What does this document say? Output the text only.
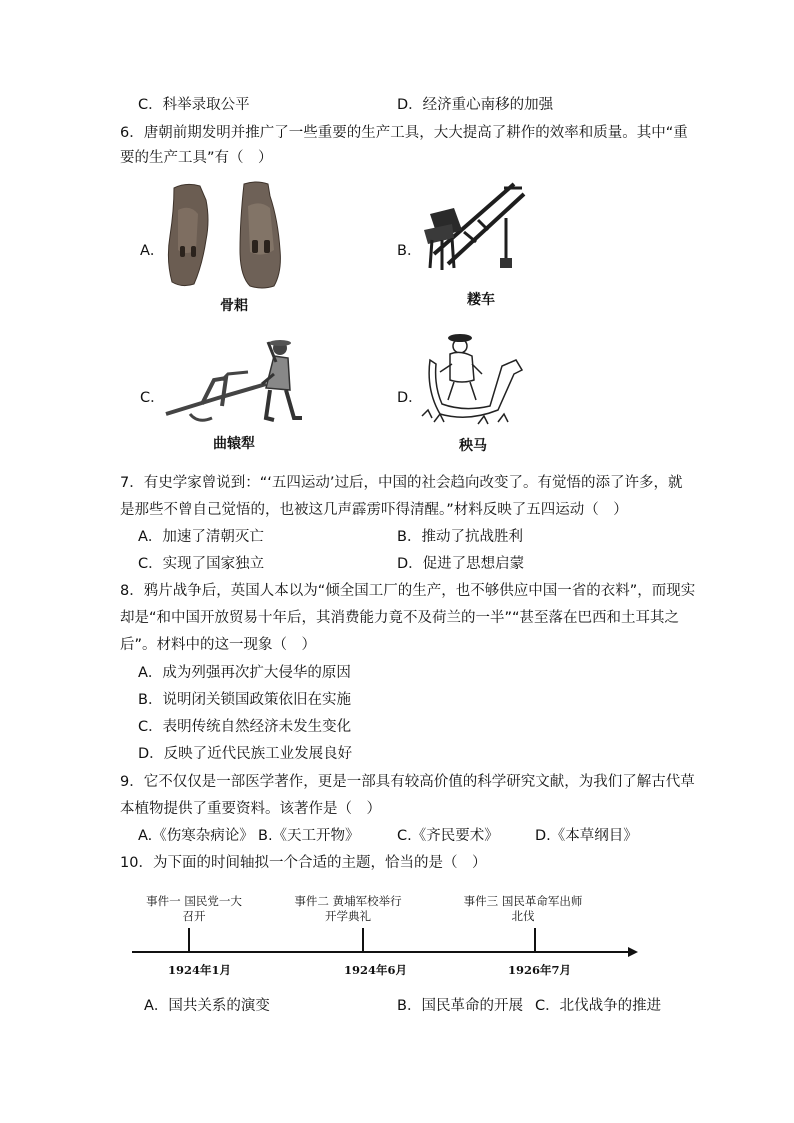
C．科举录取公平	D．经济重心南移的加强
6．唐朝前期发明并推广了一些重要的生产工具，大大提高了耕作的效率和质量。其中“重
要的生产工具”有（　）
A．
骨耜
B．
耧车
C．
曲辕犁
D．
秧马
7．有史学家曾说到：“‘五四运动’过后，中国的社会趋向改变了。有觉悟的添了许多，就
是那些不曾自己觉悟的，也被这几声霹雳吓得清醒。”材料反映了五四运动（　）
A．加速了清朝灭亡	B．推动了抗战胜利
C．实现了国家独立	D．促进了思想启蒙
8．鸦片战争后，英国人本以为“倾全国工厂的生产，也不够供应中国一省的衣料”，而现实
却是“和中国开放贸易十年后，其消费能力竟不及荷兰的一半”“甚至落在巴西和土耳其之
后”。材料中的这一现象（　）
A．成为列强再次扩大侵华的原因
B．说明闭关锁国政策依旧在实施
C．表明传统自然经济未发生变化
D．反映了近代民族工业发展良好
9．它不仅仅是一部医学著作，更是一部具有较高价值的科学研究文献，为我们了解古代草
本植物提供了重要资料。该著作是（　）
A.《伤寒杂病论》 B.《天工开物》	C.《齐民要术》	D.《本草纲目》
10．为下面的时间轴拟一个合适的主题，恰当的是（　）
事件一 国民党一大
召开
事件二 黄埔军校举行
开学典礼
事件三 国民革命军出师
北伐
1924年1月	1924年6月	1926年7月
A．国共关系的演变	B．国民革命的开展 C．北伐战争的推进
